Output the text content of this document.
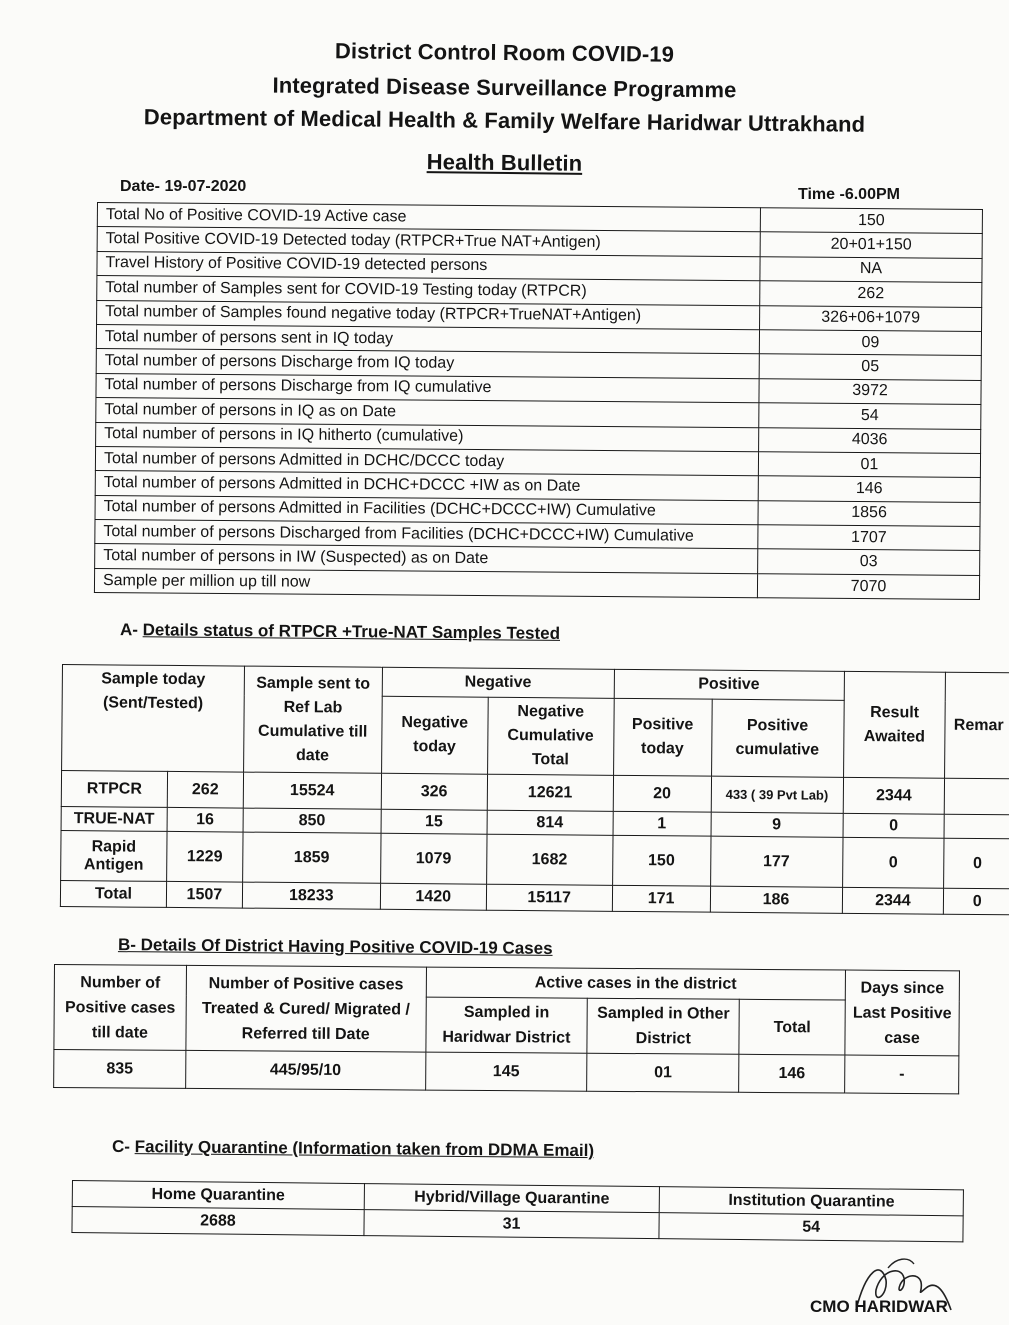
District Control Room COVID-19
Integrated Disease Surveillance Programme
Department of Medical Health & Family Welfare Haridwar Uttrakhand
Health Bulletin
Date- 19-07-2020	Time -6.00PM
Total No of Positive COVID-19 Active case	150
Total Positive COVID-19 Detected today (RTPCR+True NAT+Antigen)	20+01+150
Travel History of Positive COVID-19 detected persons	NA
Total number of Samples sent for COVID-19 Testing today (RTPCR)	262
Total number of Samples found negative today (RTPCR+TrueNAT+Antigen)	326+06+1079
Total number of persons sent in IQ today	09
Total number of persons Discharge from IQ today	05
Total number of persons Discharge from IQ cumulative	3972
Total number of persons in IQ as on Date	54
Total number of persons in IQ hitherto (cumulative)	4036
Total number of persons Admitted in DCHC/DCCC today	01
Total number of persons Admitted in DCHC+DCCC +IW as on Date	146
Total number of persons Admitted in Facilities (DCHC+DCCC+IW) Cumulative	1856
Total number of persons Discharged from Facilities (DCHC+DCCC+IW) Cumulative	1707
Total number of persons in IW (Suspected) as on Date	03
Sample per million up till now	7070
A- Details status of RTPCR +True-NAT Samples Tested
Sample today (Sent/Tested)		Sample sent to Ref Lab Cumulative till date	Negative		Positive		Result Awaited	Remar
			Negative today	Negative Cumulative Total	Positive today	Positive cumulative		
RTPCR	262	15524	326	12621	20	433 ( 39 Pvt Lab)	2344	
TRUE-NAT	16	850	15	814	1	9	0	
Rapid Antigen	1229	1859	1079	1682	150	177	0	0
Total	1507	18233	1420	15117	171	186	2344	0
B- Details Of District Having Positive COVID-19 Cases
Number of Positive cases till date	Number of Positive cases Treated & Cured/ Migrated / Referred till Date	Active cases in the district			Days since Last Positive case
		Sampled in Haridwar District	Sampled in Other District	Total	
835	445/95/10	145	01	146	-
C- Facility Quarantine (Information taken from DDMA Email)
Home Quarantine	Hybrid/Village Quarantine	Institution Quarantine
2688	31	54
CMO HARIDWAR
